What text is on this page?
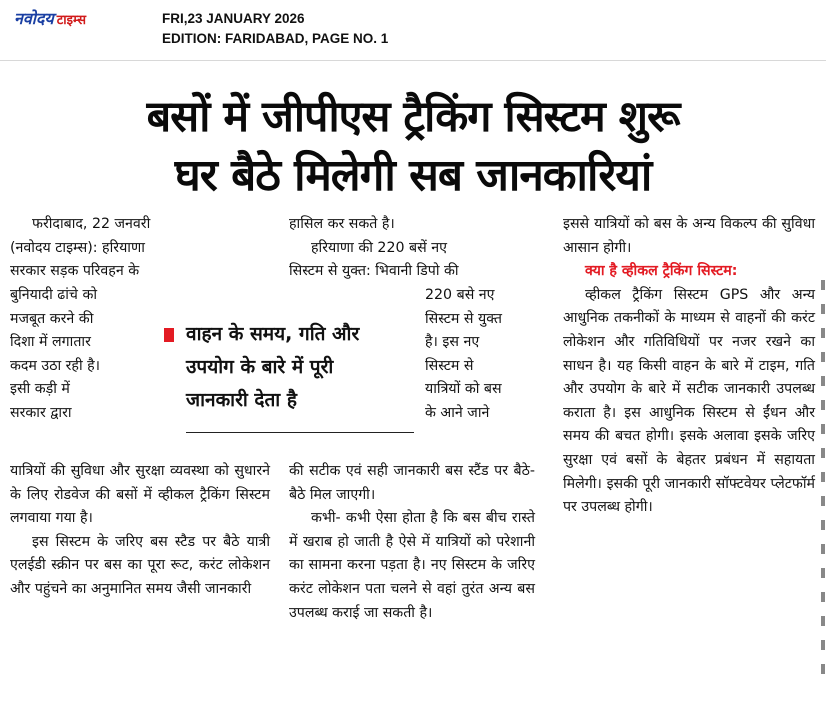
नवोदय टाइम्स	FRI,23 JANUARY 2026
EDITION: FARIDABAD, PAGE NO. 1
बसों में जीपीएस ट्रैकिंग सिस्टम शुरू
घर बैठे मिलेगी सब जानकारियां

फरीदाबाद, 22 जनवरी

(नवोदय टाइम्स): हरियाणा

सरकार सड़क परिवहन के

बुनियादी ढांचे को

मजबूत करने की

दिशा में लगातार

कदम उठा रही है।

इसी कड़ी में

सरकार द्वारा

यात्रियों की सुविधा और सुरक्षा व्यवस्था को सुधारने के लिए रोडवेज की बसों में व्हीकल ट्रैकिंग सिस्टम लगवाया गया है।

इस सिस्टम के जरिए बस स्टैड पर बैठे यात्री एलईडी स्क्रीन पर बस का पूरा रूट, करंट लोकेशन और पहुंचने का अनुमानित समय जैसी जानकारी

वाहन के समय, गति और
उपयोग के बारे में पूरी
जानकारी देता है

हासिल कर सकते है।

हरियाणा की 220 बसें नए

सिस्टम से युक्त: भिवानी डिपो की

220 बसे नए

सिस्टम से युक्त

है। इस नए

सिस्टम से

यात्रियों को बस

के आने जाने

की सटीक एवं सही जानकारी बस स्टैंड पर बैठे- बैठे मिल जाएगी।

कभी- कभी ऐसा होता है कि बस बीच रास्ते में खराब हो जाती है ऐसे में यात्रियों को परेशानी का सामना करना पड़ता है। नए सिस्टम के जरिए करंट लोकेशन पता चलने से वहां तुरंत अन्य बस उपलब्ध कराई जा सकती है।

इससे यात्रियों को बस के अन्य विकल्प की सुविधा आसान होगी।

क्या है व्हीकल ट्रैकिंग सिस्टम:

व्हीकल ट्रैकिंग सिस्टम GPS और अन्य आधुनिक तकनीकों के माध्यम से वाहनों की करंट लोकेशन और गतिविधियों पर नजर रखने का साधन है। यह किसी वाहन के बारे में टाइम, गति और उपयोग के बारे में सटीक जानकारी उपलब्ध कराता है। इस आधुनिक सिस्टम से ईंधन और समय की बचत होगी। इसके अलावा इसके जरिए सुरक्षा एवं बसों के बेहतर प्रबंधन में सहायता मिलेगी। इसकी पूरी जानकारी सॉफ्टवेयर प्लेटफॉर्म पर उपलब्ध होगी।
